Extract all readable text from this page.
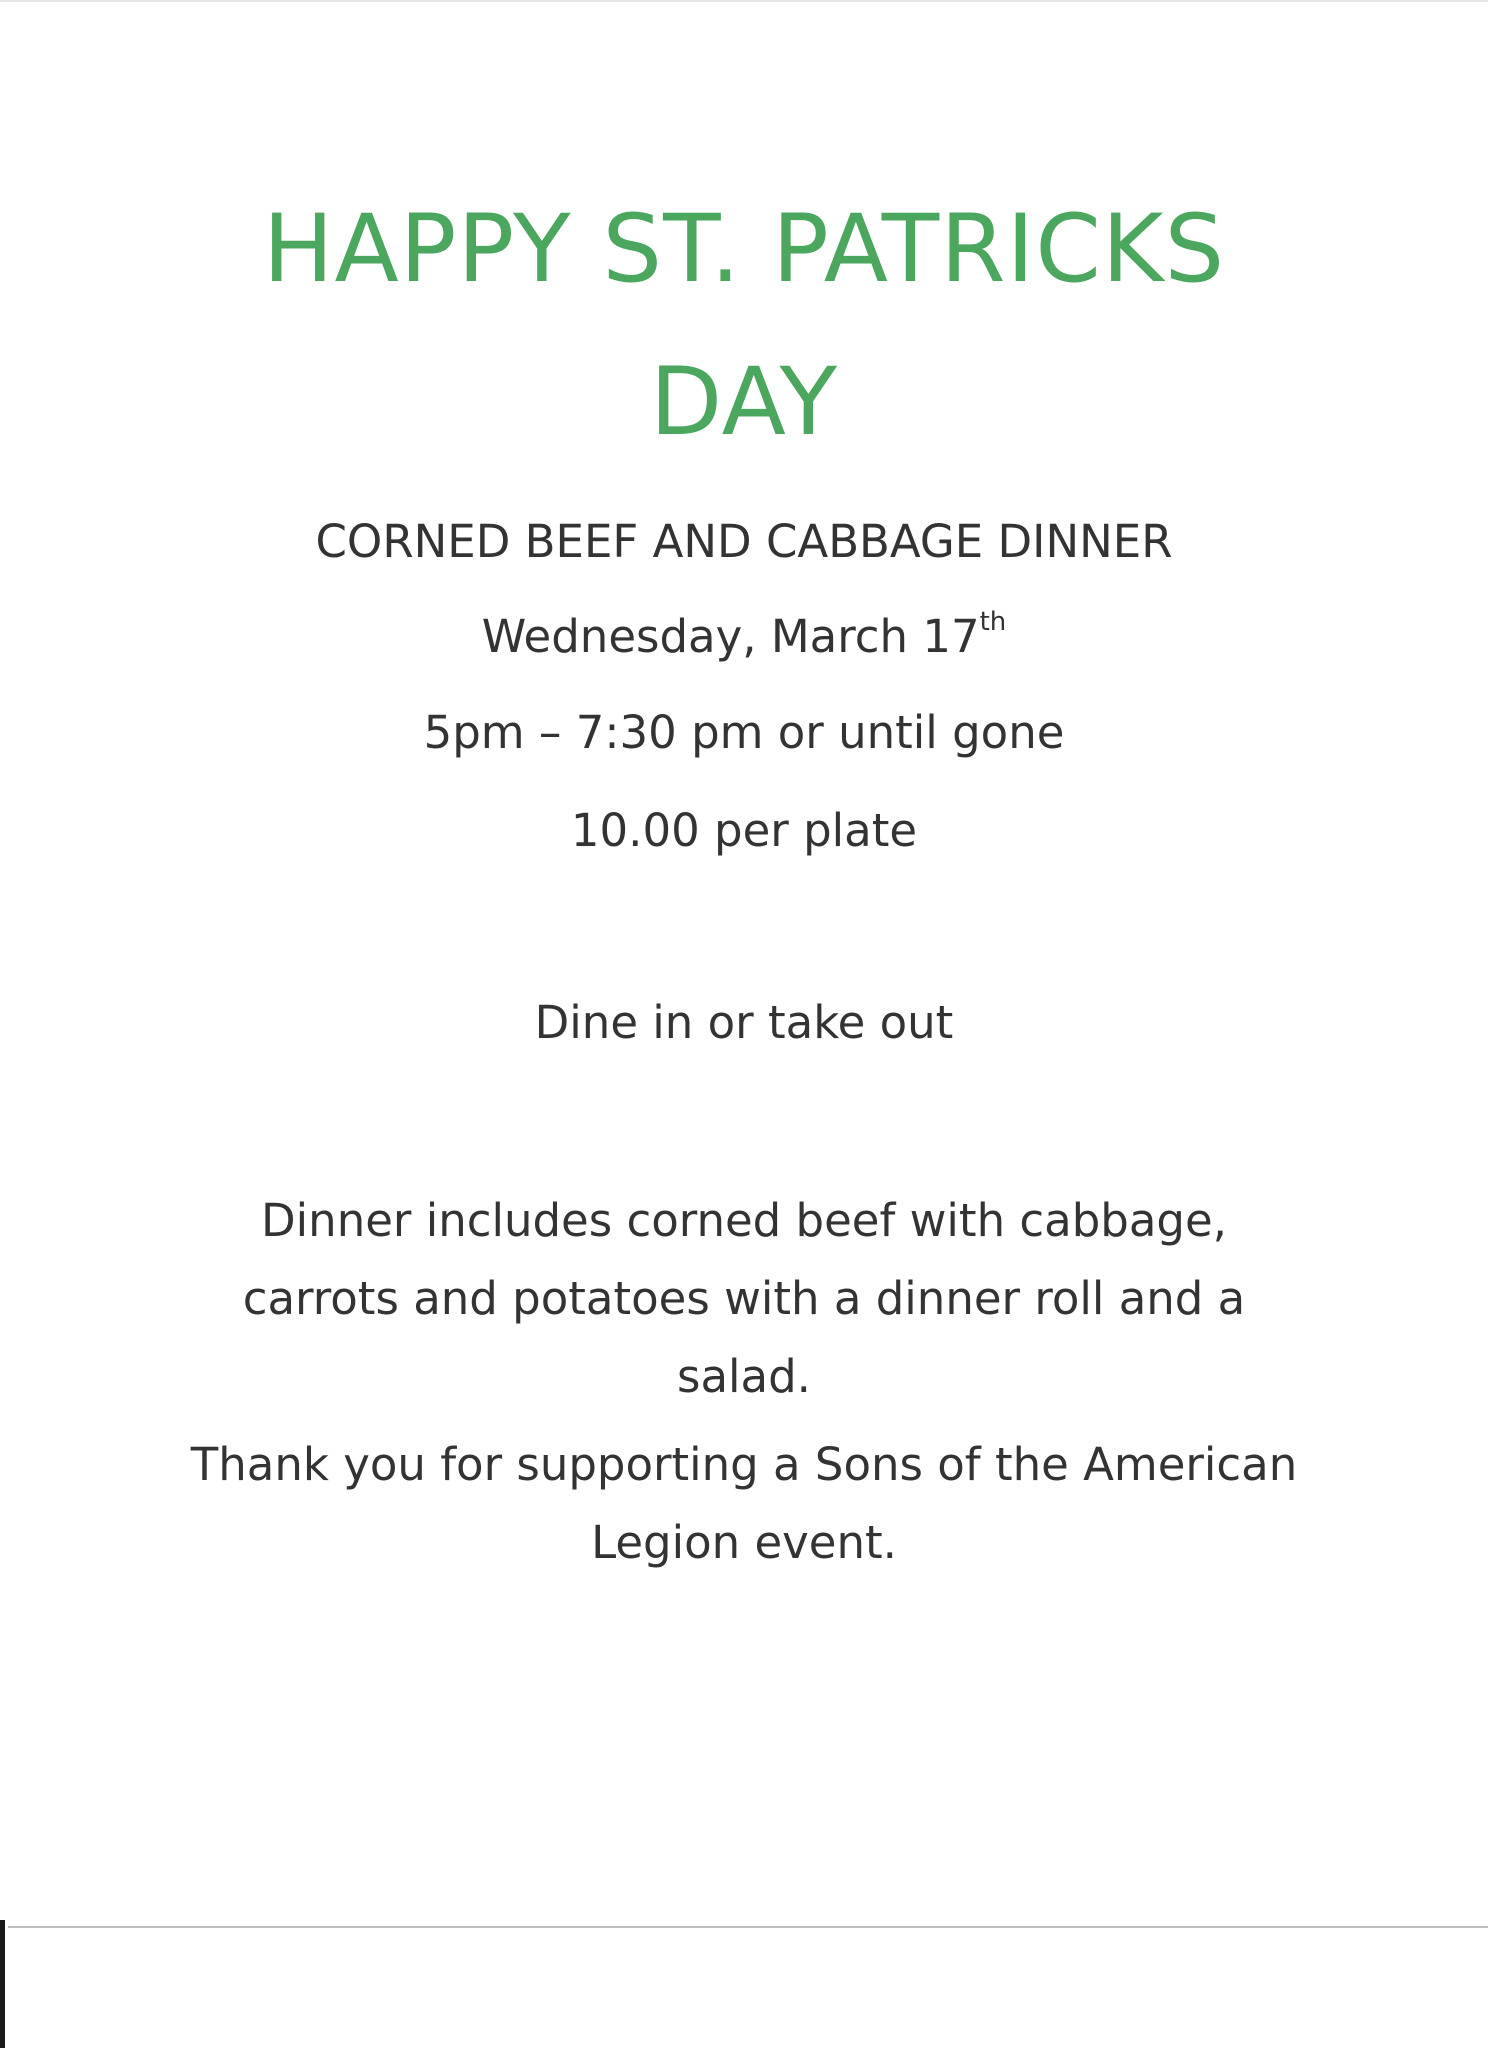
HAPPY ST. PATRICKS
DAY
CORNED BEEF AND CABBAGE DINNER
Wednesday, March 17th
5pm – 7:30 pm or until gone
10.00 per plate
Dine in or take out
Dinner includes corned beef with cabbage, carrots and potatoes with a dinner roll and a salad.
Thank you for supporting a Sons of the American Legion event.
